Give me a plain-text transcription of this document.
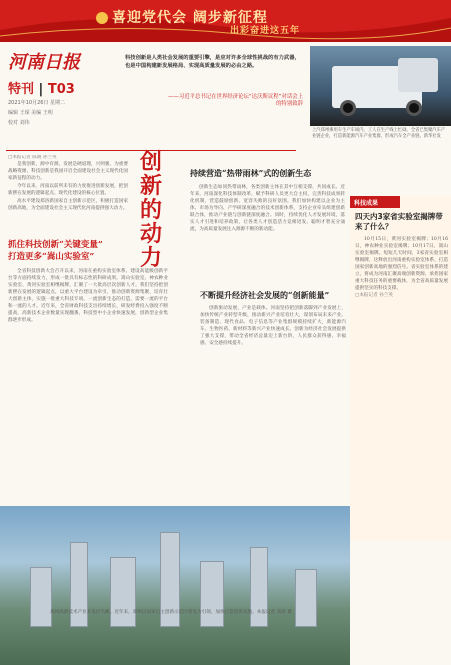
喜迎党代会 阔步新征程
出彩奋进这五年
河南日报
特刊 | T03
2021年10月26日 星期二
编辑 王琛 美编 王明
校对 刘伟
科技创新是人类社会发展的重要引擎，是应对许多全球性挑战的有力武器，也是中国构建新发展格局、实现高质量发展的必由之路。
——习近平总书记在世界经济论坛“达沃斯议程”对话会上的特别致辞
上汽郑州乘用车生产车间内，工人在生产线上忙碌，全省已集聚汽车产业链企业，打造新能源汽车产业集群，形成汽车全产业链。新华社发
□本报记者 陈晓 孙兰英

是我创新，源中有源，发展是硬道理，兴则强，为重要战略资源，科技创新是我国开启全面建设社会主义现代化国家新征程的动力。

今年以来，河南以前所未有的力度推进创新发展，把创新摆在发展的逻辑起点、现代化建设的核心位置。

高水平建设郑洛新国家自主创新示范区，积极打造国家创新高地，为全面建设社会主义现代化河南提供强大动力。

创新的动力
抓住科技创新“关键变量”
打造更多“嵩山实验室”

全省科技创新大会召开以来，河南在重构实验室体系、建设高能级创新平台等方面持续发力，形成一批具有标志性的科研成果。嵩山实验室、神农种业实验室、黄河实验室相继揭牌，汇聚了一大批高层次创新人才。我们坚持把创新摆在发展的逻辑起点，以重大平台建设为牵引，推动创新资源集聚，培育壮大创新主体，实施一批重大科技专项。一流创新生态的打造，需要一流的平台和一流的人才。近年来，全省财政科技支出持续增长，研发经费投入强度不断提高，高新技术企业数量实现翻番，科技型中小企业快速发展，创新型企业集群逐步形成。

持续营造“热带雨林”式的创新生态

创新生态如同热带雨林，各类创新主体在其中互相支撑、共同成长。近年来，河南深化科技体制改革，赋予科研人员更大自主权，完善科技成果转化机制，营造鼓励创新、宽容失败的良好氛围。我们加快构建以企业为主体、市场为导向、产学研深度融合的技术创新体系，支持企业牵头组建创新联合体，推动产业链与创新链深度融合。同时，持续优化人才发展环境，落实人才引进和培养政策，让各类人才创造活力竞相迸发、聪明才智充分涌流，为高质量发展注入源源不断的新动能。

不断提升经济社会发展的“创新能量”

创新驱动发展，产业是载体。河南坚持把创新落脚到产业发展上，加快传统产业转型升级，推动新兴产业培育壮大，谋划布局未来产业。装备制造、现代食品、电子信息等产业集群规模持续扩大，新能源汽车、生物医药、新材料等新兴产业快速成长。创新为经济社会发展提供了强大支撑，带动全省经济总量迈上新台阶，人民群众获得感、幸福感、安全感持续提升。

科技成果
四天内3家省实验室揭牌带来了什么？

10月15日，黄河实验室揭牌；10月16日，神农种业实验室揭牌；10月17日，嵩山实验室揭牌。短短几天时间，3家省实验室相继揭牌，这释放出河南重构实验室体系、打造国家创新高地的强烈信号。省实验室体系的建立，将成为河南汇聚高端创新资源、承担国家重大科技任务的重要载体，为全省高质量发展提供坚实的科技支撑。

□本报记者 孙兰英
郑州高新技术产业开发区鸟瞰。近年来，郑州以国家自主创新示范区建设为引领，加快打造创新高地。本报记者 邓放 摄
